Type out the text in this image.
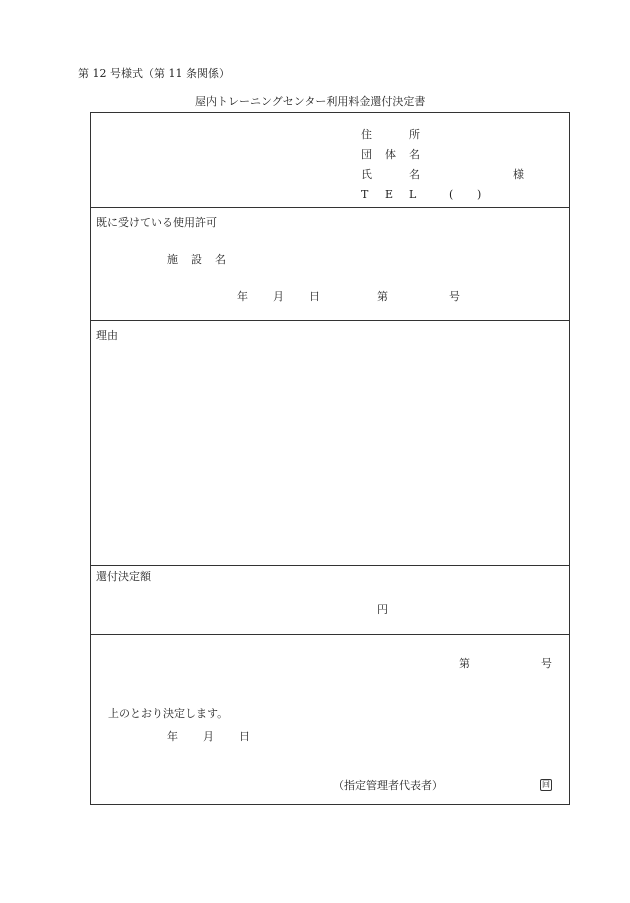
第 12 号様式（第 11 条関係）
屋内トレーニングセンター利用料金還付決定書
住	所
団 体 名
氏	名	様
T E L	( )
既に受けている使用許可
施 設 名
年 月 日	第	号
理由
還付決定額
円
第	号
上のとおり決定します。
年 月 日
（指定管理者代表者）	回
